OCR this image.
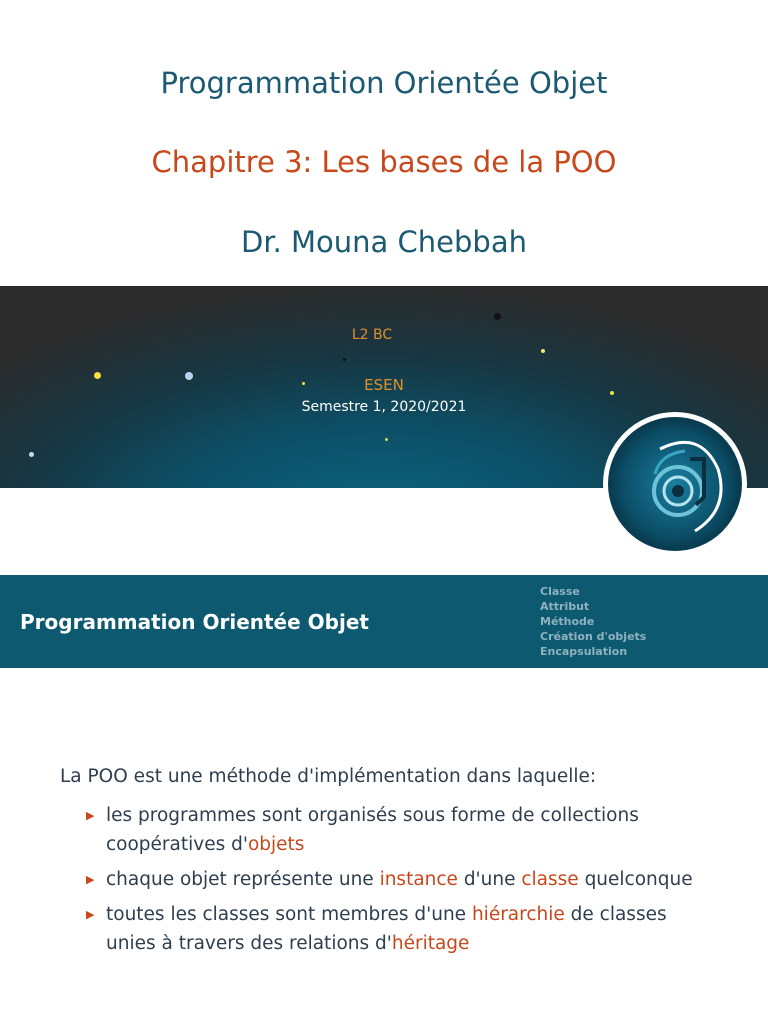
Programmation Orientée Objet
Chapitre 3: Les bases de la POO
Dr. Mouna Chebbah
L2 BC
ESEN
Semestre 1, 2020/2021
Programmation Orientée Objet
Classe
Attribut
Méthode
Création d'objets
Encapsulation

La POO est une méthode d'implémentation dans laquelle:

▶ les programmes sont organisés sous forme de collections
coopératives d'objets
▶ chaque objet représente une instance d'une classe quelconque
▶ toutes les classes sont membres d'une hiérarchie de classes
unies à travers des relations d'héritage
